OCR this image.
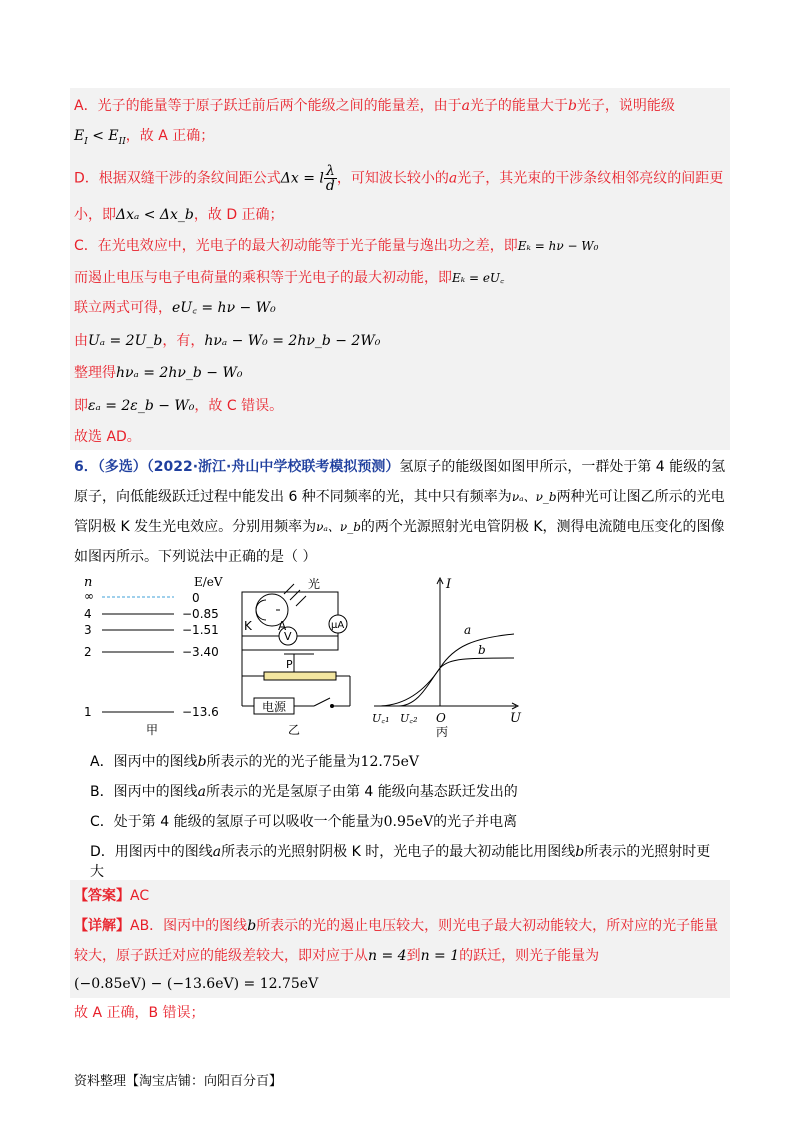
A．光子的能量等于原子跃迁前后两个能级之间的能量差，由于a光子的能量大于b光子，说明能级
$E_I < E_{II}$，故 A 正确；
D．根据双缝干涉的条纹间距公式Δx = l $\frac{\lambda}{d}$ ，可知波长较小的a光子，其光束的干涉条纹相邻亮纹的间距更
小，即Δxₐ < Δx_b，故 D 正确；
C．在光电效应中，光电子的最大初动能等于光子能量与逸出功之差，即Eₖ = hν − W₀
而遏止电压与电子电荷量的乘积等于光电子的最大初动能，即Eₖ = eU꜀
联立两式可得，eU꜀ = hν − W₀
由Uₐ = 2U_b，有，hνₐ − W₀ = 2hν_b − 2W₀
整理得hνₐ = 2hν_b − W₀
即εₐ = 2ε_b − W₀，故 C 错误。
故选 AD。
6．（多选）（2022·浙江·舟山中学校联考模拟预测）氢原子的能级图如图甲所示，一群处于第 4 能级的氢
原子，向低能级跃迁过程中能发出 6 种不同频率的光，其中只有频率为νₐ、ν_b两种光可让图乙所示的光电
管阴极 K 发生光电效应。分别用频率为νₐ、ν_b的两个光源照射光电管阴极 K，测得电流随电压变化的图像
如图丙所示。下列说法中正确的是（ ）
n	E/eV
∞	0
4	−0.85
3	−1.51
2	−3.40
1	−13.6
甲
光
K A	μA
V
P
电源
乙
I
U
O
U꜀₁ U꜀₂
a
b
丙
A．图丙中的图线b所表示的光的光子能量为12.75eV
B．图丙中的图线a所表示的光是氢原子由第 4 能级向基态跃迁发出的
C．处于第 4 能级的氢原子可以吸收一个能量为0.95eV的光子并电离
D．用图丙中的图线a所表示的光照射阴极 K 时，光电子的最大初动能比用图线b所表示的光照射时更
大
【答案】AC
【详解】AB．图丙中的图线b所表示的光的遏止电压较大，则光电子最大初动能较大，所对应的光子能量
较大，原子跃迁对应的能级差较大，即对应于从n = 4到n = 1的跃迁，则光子能量为
(−0.85eV) − (−13.6eV) = 12.75eV
故 A 正确，B 错误；
资料整理【淘宝店铺：向阳百分百】
